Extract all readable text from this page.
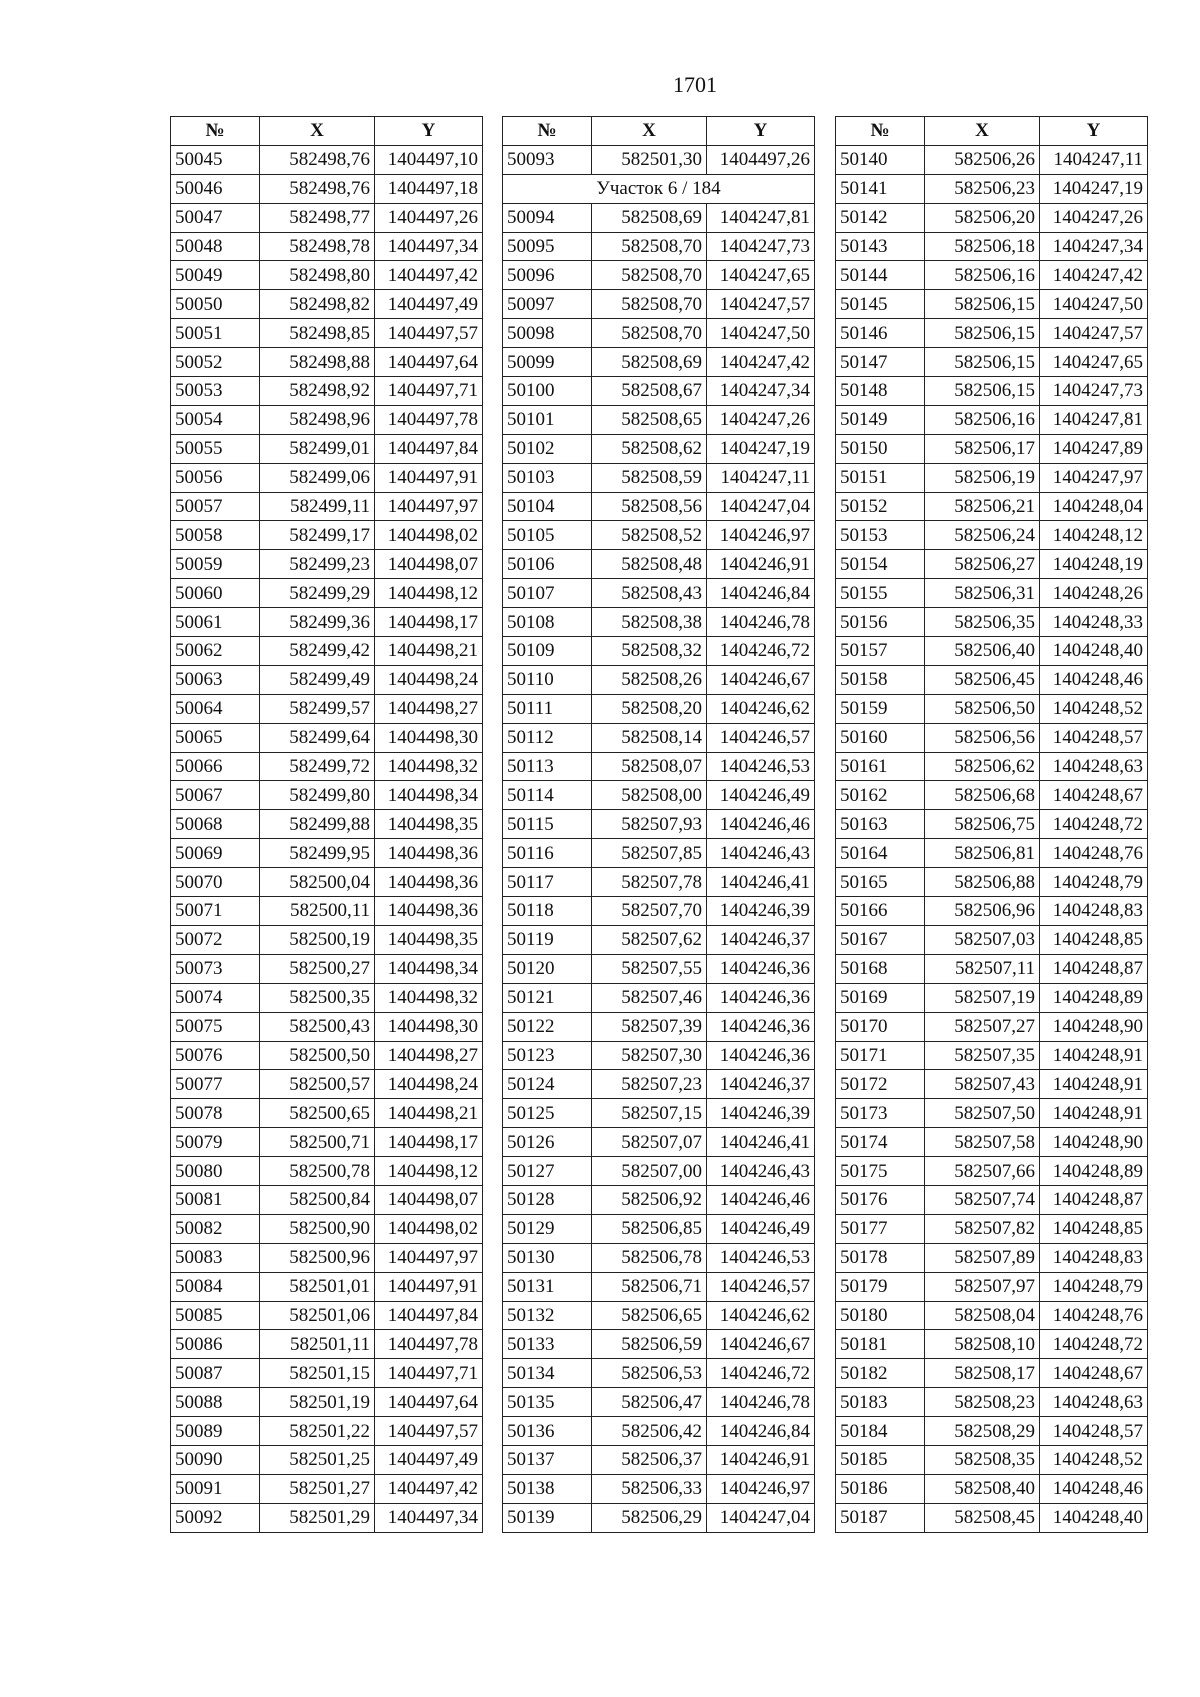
1701
№	X	Y
50045	582498,76	1404497,10
50046	582498,76	1404497,18
50047	582498,77	1404497,26
50048	582498,78	1404497,34
50049	582498,80	1404497,42
50050	582498,82	1404497,49
50051	582498,85	1404497,57
50052	582498,88	1404497,64
50053	582498,92	1404497,71
50054	582498,96	1404497,78
50055	582499,01	1404497,84
50056	582499,06	1404497,91
50057	582499,11	1404497,97
50058	582499,17	1404498,02
50059	582499,23	1404498,07
50060	582499,29	1404498,12
50061	582499,36	1404498,17
50062	582499,42	1404498,21
50063	582499,49	1404498,24
50064	582499,57	1404498,27
50065	582499,64	1404498,30
50066	582499,72	1404498,32
50067	582499,80	1404498,34
50068	582499,88	1404498,35
50069	582499,95	1404498,36
50070	582500,04	1404498,36
50071	582500,11	1404498,36
50072	582500,19	1404498,35
50073	582500,27	1404498,34
50074	582500,35	1404498,32
50075	582500,43	1404498,30
50076	582500,50	1404498,27
50077	582500,57	1404498,24
50078	582500,65	1404498,21
50079	582500,71	1404498,17
50080	582500,78	1404498,12
50081	582500,84	1404498,07
50082	582500,90	1404498,02
50083	582500,96	1404497,97
50084	582501,01	1404497,91
50085	582501,06	1404497,84
50086	582501,11	1404497,78
50087	582501,15	1404497,71
50088	582501,19	1404497,64
50089	582501,22	1404497,57
50090	582501,25	1404497,49
50091	582501,27	1404497,42
50092	582501,29	1404497,34
№	X	Y
50093	582501,30	1404497,26
Участок 6 / 184		
50094	582508,69	1404247,81
50095	582508,70	1404247,73
50096	582508,70	1404247,65
50097	582508,70	1404247,57
50098	582508,70	1404247,50
50099	582508,69	1404247,42
50100	582508,67	1404247,34
50101	582508,65	1404247,26
50102	582508,62	1404247,19
50103	582508,59	1404247,11
50104	582508,56	1404247,04
50105	582508,52	1404246,97
50106	582508,48	1404246,91
50107	582508,43	1404246,84
50108	582508,38	1404246,78
50109	582508,32	1404246,72
50110	582508,26	1404246,67
50111	582508,20	1404246,62
50112	582508,14	1404246,57
50113	582508,07	1404246,53
50114	582508,00	1404246,49
50115	582507,93	1404246,46
50116	582507,85	1404246,43
50117	582507,78	1404246,41
50118	582507,70	1404246,39
50119	582507,62	1404246,37
50120	582507,55	1404246,36
50121	582507,46	1404246,36
50122	582507,39	1404246,36
50123	582507,30	1404246,36
50124	582507,23	1404246,37
50125	582507,15	1404246,39
50126	582507,07	1404246,41
50127	582507,00	1404246,43
50128	582506,92	1404246,46
50129	582506,85	1404246,49
50130	582506,78	1404246,53
50131	582506,71	1404246,57
50132	582506,65	1404246,62
50133	582506,59	1404246,67
50134	582506,53	1404246,72
50135	582506,47	1404246,78
50136	582506,42	1404246,84
50137	582506,37	1404246,91
50138	582506,33	1404246,97
50139	582506,29	1404247,04
№	X	Y
50140	582506,26	1404247,11
50141	582506,23	1404247,19
50142	582506,20	1404247,26
50143	582506,18	1404247,34
50144	582506,16	1404247,42
50145	582506,15	1404247,50
50146	582506,15	1404247,57
50147	582506,15	1404247,65
50148	582506,15	1404247,73
50149	582506,16	1404247,81
50150	582506,17	1404247,89
50151	582506,19	1404247,97
50152	582506,21	1404248,04
50153	582506,24	1404248,12
50154	582506,27	1404248,19
50155	582506,31	1404248,26
50156	582506,35	1404248,33
50157	582506,40	1404248,40
50158	582506,45	1404248,46
50159	582506,50	1404248,52
50160	582506,56	1404248,57
50161	582506,62	1404248,63
50162	582506,68	1404248,67
50163	582506,75	1404248,72
50164	582506,81	1404248,76
50165	582506,88	1404248,79
50166	582506,96	1404248,83
50167	582507,03	1404248,85
50168	582507,11	1404248,87
50169	582507,19	1404248,89
50170	582507,27	1404248,90
50171	582507,35	1404248,91
50172	582507,43	1404248,91
50173	582507,50	1404248,91
50174	582507,58	1404248,90
50175	582507,66	1404248,89
50176	582507,74	1404248,87
50177	582507,82	1404248,85
50178	582507,89	1404248,83
50179	582507,97	1404248,79
50180	582508,04	1404248,76
50181	582508,10	1404248,72
50182	582508,17	1404248,67
50183	582508,23	1404248,63
50184	582508,29	1404248,57
50185	582508,35	1404248,52
50186	582508,40	1404248,46
50187	582508,45	1404248,40
